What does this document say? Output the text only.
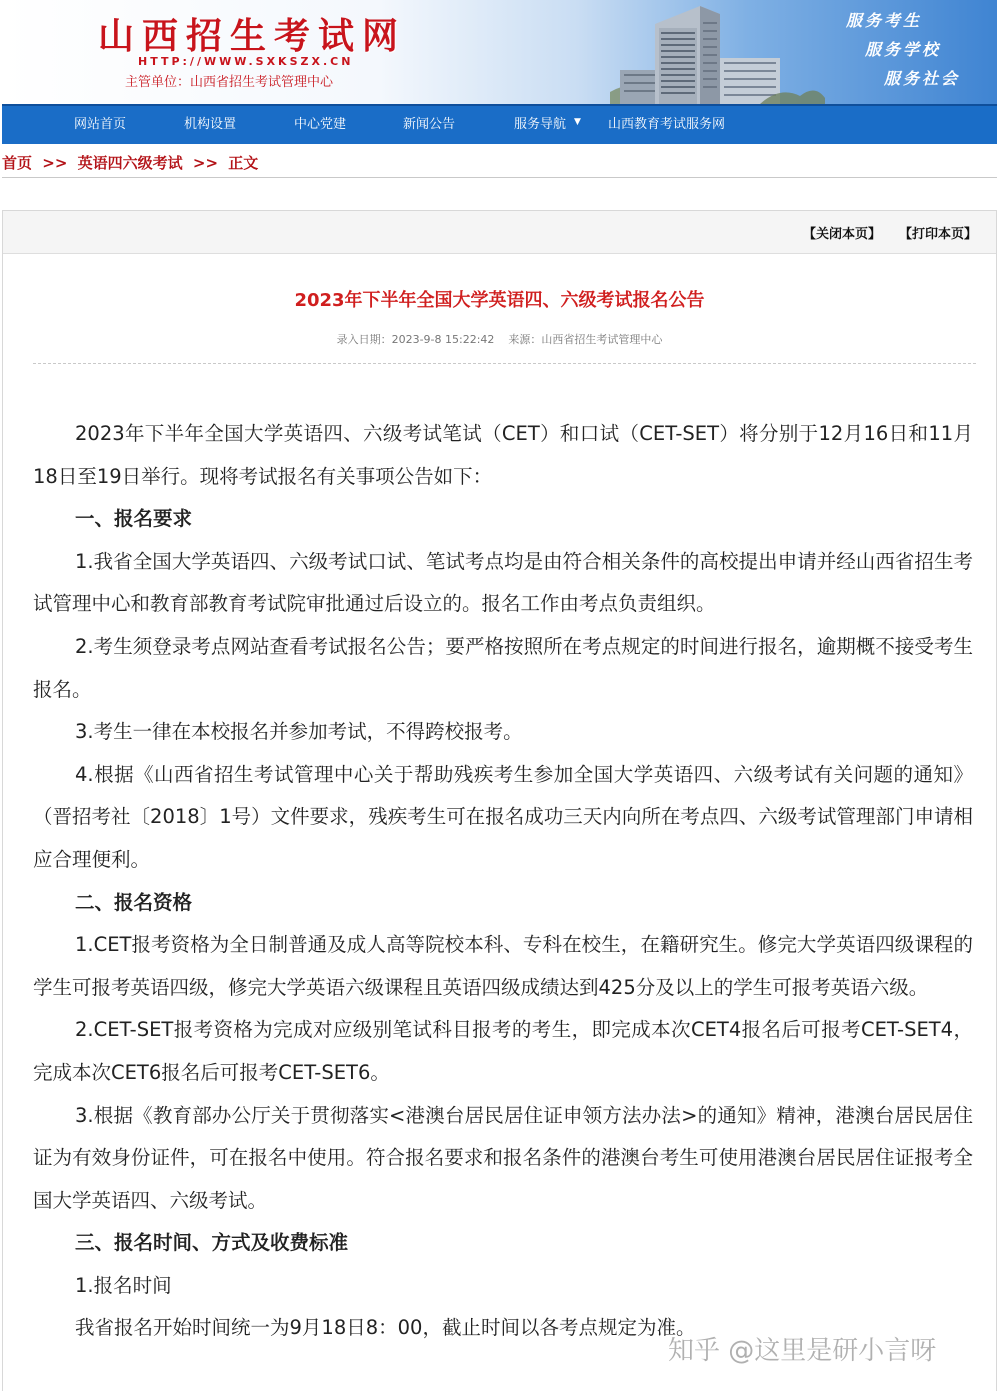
山西招生考试网
HTTP://WWW.SXKSZX.CN
主管单位：山西省招生考试管理中心
服务考生
服务学校
服务社会
网站首页	机构设置	中心党建	新闻公告	服务导航 ▼ 山西教育考试服务网
首页 >> 英语四六级考试 >> 正文
【关闭本页】 【打印本页】
2023年下半年全国大学英语四、六级考试报名公告
录入日期：2023-9-8 15:22:42 来源：山西省招生考试管理中心

2023年下半年全国大学英语四、六级考试笔试（CET）和口试（CET-SET）将分别于12月16日和11月18日至19日举行。现将考试报名有关事项公告如下：

一、报名要求

1.我省全国大学英语四、六级考试口试、笔试考点均是由符合相关条件的高校提出申请并经山西省招生考试管理中心和教育部教育考试院审批通过后设立的。报名工作由考点负责组织。

2.考生须登录考点网站查看考试报名公告；要严格按照所在考点规定的时间进行报名，逾期概不接受考生报名。

3.考生一律在本校报名并参加考试，不得跨校报考。

4.根据《山西省招生考试管理中心关于帮助残疾考生参加全国大学英语四、六级考试有关问题的通知》（晋招考社〔2018〕1号）文件要求，残疾考生可在报名成功三天内向所在考点四、六级考试管理部门申请相应合理便利。

二、报名资格

1.CET报考资格为全日制普通及成人高等院校本科、专科在校生，在籍研究生。修完大学英语四级课程的学生可报考英语四级，修完大学英语六级课程且英语四级成绩达到425分及以上的学生可报考英语六级。

2.CET-SET报考资格为完成对应级别笔试科目报考的考生，即完成本次CET4报名后可报考CET-SET4，完成本次CET6报名后可报考CET-SET6。

3.根据《教育部办公厅关于贯彻落实<港澳台居民居住证申领方法办法>的通知》精神，港澳台居民居住证为有效身份证件，可在报名中使用。符合报名要求和报名条件的港澳台考生可使用港澳台居民居住证报考全国大学英语四、六级考试。

三、报名时间、方式及收费标准

1.报名时间

我省报名开始时间统一为9月18日8：00，截止时间以各考点规定为准。

知乎 @这里是研小言呀
